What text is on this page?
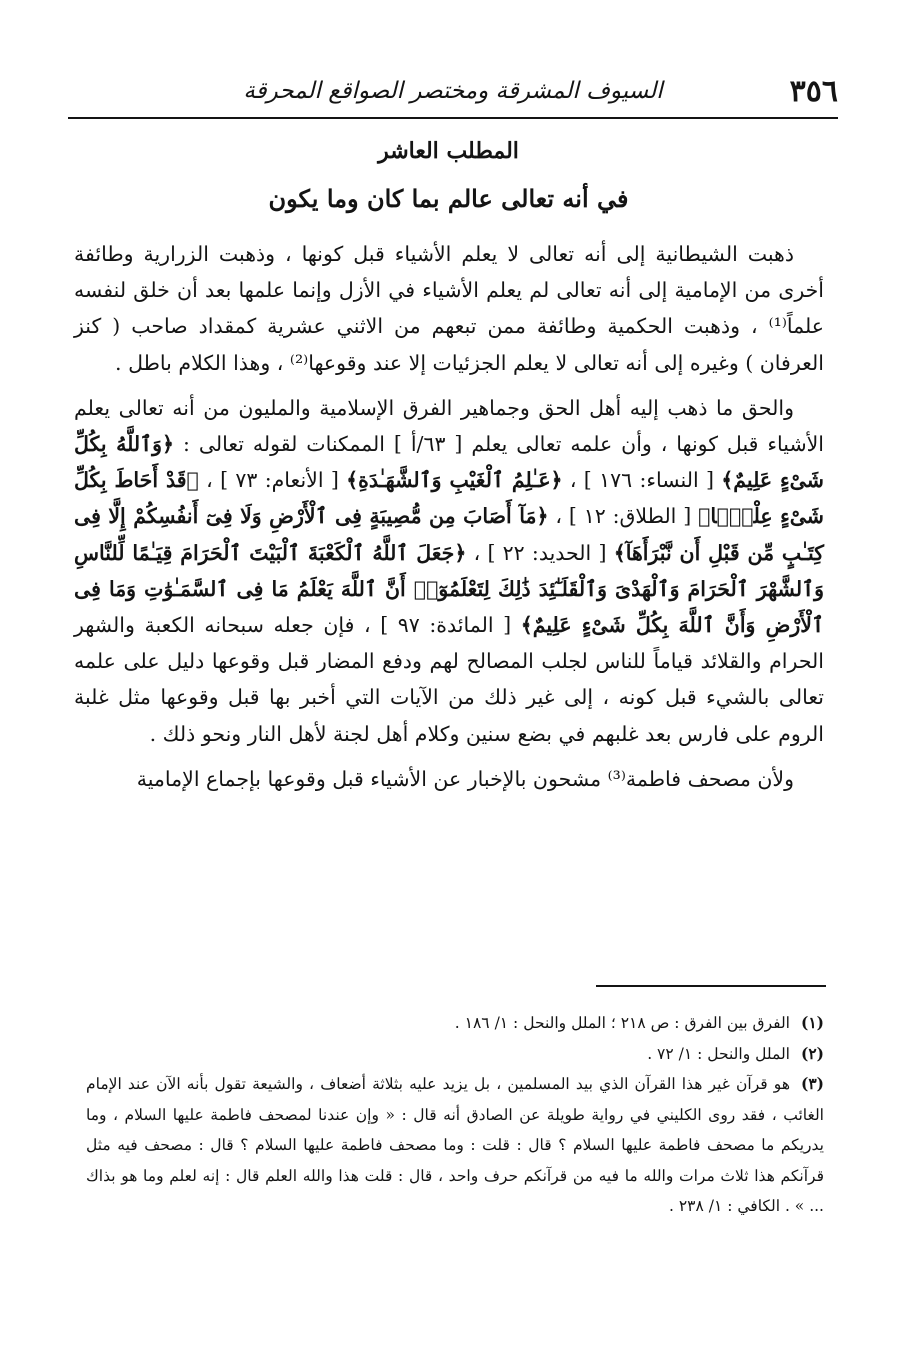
٣٥٦
السيوف المشرقة ومختصر الصواقع المحرقة
المطلب العاشر
في أنه تعالى عالم بما كان وما يكون

ذهبت الشيطانية إلى أنه تعالى لا يعلم الأشياء قبل كونها ، وذهبت الزرارية وطائفة أخرى من الإمامية إلى أنه تعالى لم يعلم الأشياء في الأزل وإنما علمها بعد أن خلق لنفسه علماً⁽¹⁾ ، وذهبت الحكمية وطائفة ممن تبعهم من الاثني عشرية كمقداد صاحب ( كنز العرفان ) وغيره إلى أنه تعالى لا يعلم الجزئيات إلا عند وقوعها⁽²⁾ ، وهذا الكلام باطل .

والحق ما ذهب إليه أهل الحق وجماهير الفرق الإسلامية والمليون من أنه تعالى يعلم الأشياء قبل كونها ، وأن علمه تعالى يعلم [ ٦٣/أ ] الممكنات لقوله تعالى : ﴿وَٱللَّهُ بِكُلِّ شَىْءٍ عَلِيمٌ﴾ [ النساء: ١٧٦ ] ، ﴿عَـٰلِمُ ٱلْغَيْبِ وَٱلشَّهَـٰدَةِ﴾ [ الأنعام: ٧٣ ] ، ﴿قَدْ أَحَاطَ بِكُلِّ شَىْءٍ عِلْمًۢا﴾ [ الطلاق: ١٢ ] ، ﴿مَآ أَصَابَ مِن مُّصِيبَةٍ فِى ٱلْأَرْضِ وَلَا فِىٓ أَنفُسِكُمْ إِلَّا فِى كِتَـٰبٍ مِّن قَبْلِ أَن نَّبْرَأَهَآ﴾ [ الحديد: ٢٢ ] ، ﴿جَعَلَ ٱللَّهُ ٱلْكَعْبَةَ ٱلْبَيْتَ ٱلْحَرَامَ قِيَـٰمًا لِّلنَّاسِ وَٱلشَّهْرَ ٱلْحَرَامَ وَٱلْهَدْىَ وَٱلْقَلَـٰٓئِدَ ذَٰلِكَ لِتَعْلَمُوٓا۟ أَنَّ ٱللَّهَ يَعْلَمُ مَا فِى ٱلسَّمَـٰوَٰتِ وَمَا فِى ٱلْأَرْضِ وَأَنَّ ٱللَّهَ بِكُلِّ شَىْءٍ عَلِيمٌ﴾ [ المائدة: ٩٧ ] ، فإن جعله سبحانه الكعبة والشهر الحرام والقلائد قياماً للناس لجلب المصالح لهم ودفع المضار قبل وقوعها دليل على علمه تعالى بالشيء قبل كونه ، إلى غير ذلك من الآيات التي أخبر بها قبل وقوعها مثل غلبة الروم على فارس بعد غلبهم في بضع سنين وكلام أهل لجنة لأهل النار ونحو ذلك .

ولأن مصحف فاطمة⁽³⁾ مشحون بالإخبار عن الأشياء قبل وقوعها بإجماع الإمامية

(١)الفرق بين الفرق : ص ٢١٨ ؛ الملل والنحل : ١/ ١٨٦ .

(٢)الملل والنحل : ١/ ٧٢ .

(٣)هو قرآن غير هذا القرآن الذي بيد المسلمين ، بل يزيد عليه بثلاثة أضعاف ، والشيعة تقول بأنه الآن عند الإمام الغائب ، فقد روى الكليني في رواية طويلة عن الصادق أنه قال : « وإن عندنا لمصحف فاطمة عليها السلام ، وما يدريكم ما مصحف فاطمة عليها السلام ؟ قال : قلت : وما مصحف فاطمة عليها السلام ؟ قال : مصحف فيه مثل قرآنكم هذا ثلاث مرات والله ما فيه من قرآنكم حرف واحد ، قال : قلت هذا والله العلم قال : إنه لعلم وما هو بذاك ... » . الكافي : ١/ ٢٣٨ .
